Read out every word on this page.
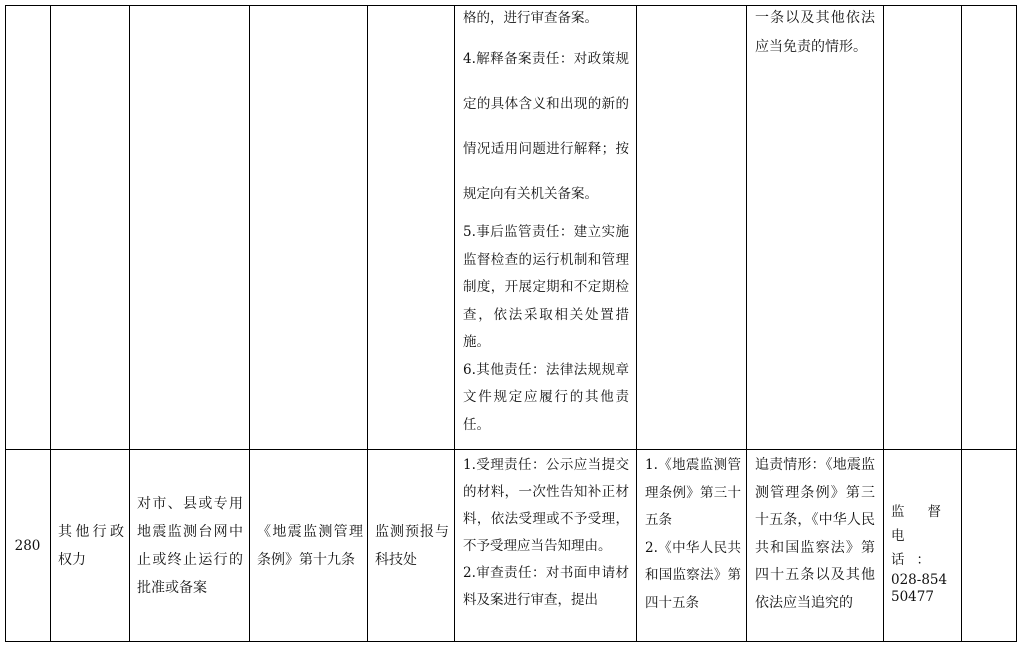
格的，进行审查备案。

4.解释备案责任：对政策规定的具体含义和出现的新的情况适用问题进行解释；按规定向有关机关备案。

5.事后监管责任：建立实施监督检查的运行机制和管理制度，开展定期和不定期检查，依法采取相关处置措施。

6.其他责任：法律法规规章文件规定应履行的其他责任。

一条以及其他依法应当免责的情形。

280
其他行政权力
对市、县或专用地震监测台网中止或终止运行的批准或备案
《地震监测管理条例》第十九条
监测预报与科技处

1.受理责任：公示应当提交的材料，一次性告知补正材料，依法受理或不予受理，不予受理应当告知理由。

2.审查责任：对书面申请材料及案进行审查，提出

1.《地震监测管理条例》第三十五条

2.《中华人民共和国监察法》第四十五条

追责情形：《地震监测管理条例》第三十五条，《中华人民共和国监察法》第四十五条以及其他依法应当追究的

监督电话：

028-85450477
